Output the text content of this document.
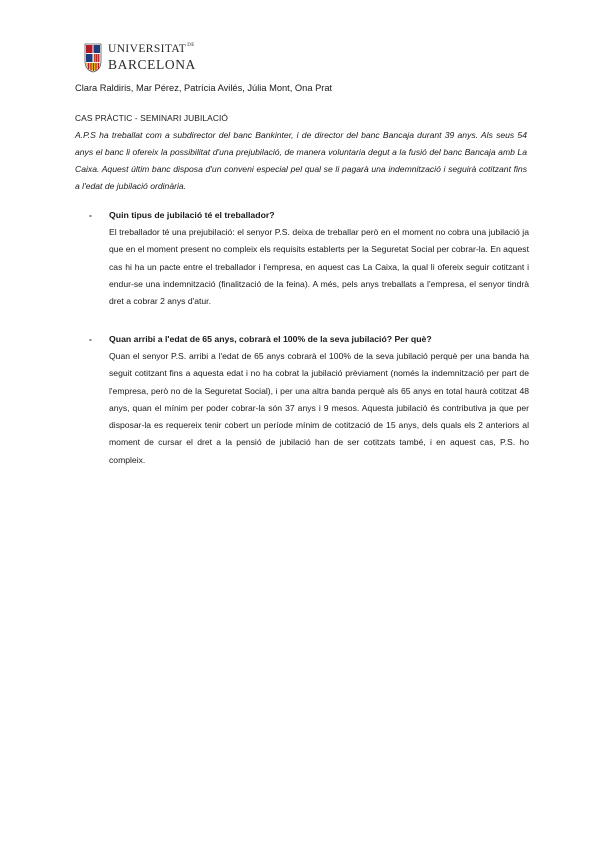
$UNIVERSITAT^{DE}$
BARCELONA
Clara Raldiris, Mar Pérez, Patrícia Avilés, Júlia Mont, Ona Prat
CAS PRÀCTIC - SEMINARI JUBILACIÓ

A.P.S ha treballat com a subdirector del banc Bankinter, i de director del banc Bancaja durant 39 anys. Als seus 54 anys el banc li ofereix la possibilitat d'una prejubilació, de manera voluntaria degut a la fusió del banc Bancaja amb La Caixa. Aquest últim banc disposa d'un conveni especial pel qual se li pagarà una indemnització i seguirà cotitzant fins a l'edat de jubilació ordinària.

- Quin tipus de jubilació té el treballador?

El treballador té una prejubilació: el senyor P.S. deixa de treballar però en el moment no cobra una jubilació ja que en el moment present no compleix els requisits establerts per la Seguretat Social per cobrar-la. En aquest cas hi ha un pacte entre el treballador i l'empresa, en aquest cas La Caixa, la qual li ofereix seguir cotitzant i endur-se una indemnització (finalització de la feina). A més, pels anys treballats a l'empresa, el senyor tindrà dret a cobrar 2 anys d'atur.

- Quan arribi a l'edat de 65 anys, cobrarà el 100% de la seva jubilació? Per què?

Quan el senyor P.S. arribi a l'edat de 65 anys cobrarà el 100% de la seva jubilació perquè per una banda ha seguit cotitzant fins a aquesta edat i no ha cobrat la jubilació prèviament (només la indemnització per part de l'empresa, però no de la Seguretat Social), i per una altra banda perquè als 65 anys en total haurà cotitzat 48 anys, quan el mínim per poder cobrar-la són 37 anys i 9 mesos. Aquesta jubilació és contributiva ja que per disposar-la es requereix tenir cobert un període mínim de cotització de 15 anys, dels quals els 2 anteriors al moment de cursar el dret a la pensió de jubilació han de ser cotitzats també, i en aquest cas, P.S. ho compleix.
